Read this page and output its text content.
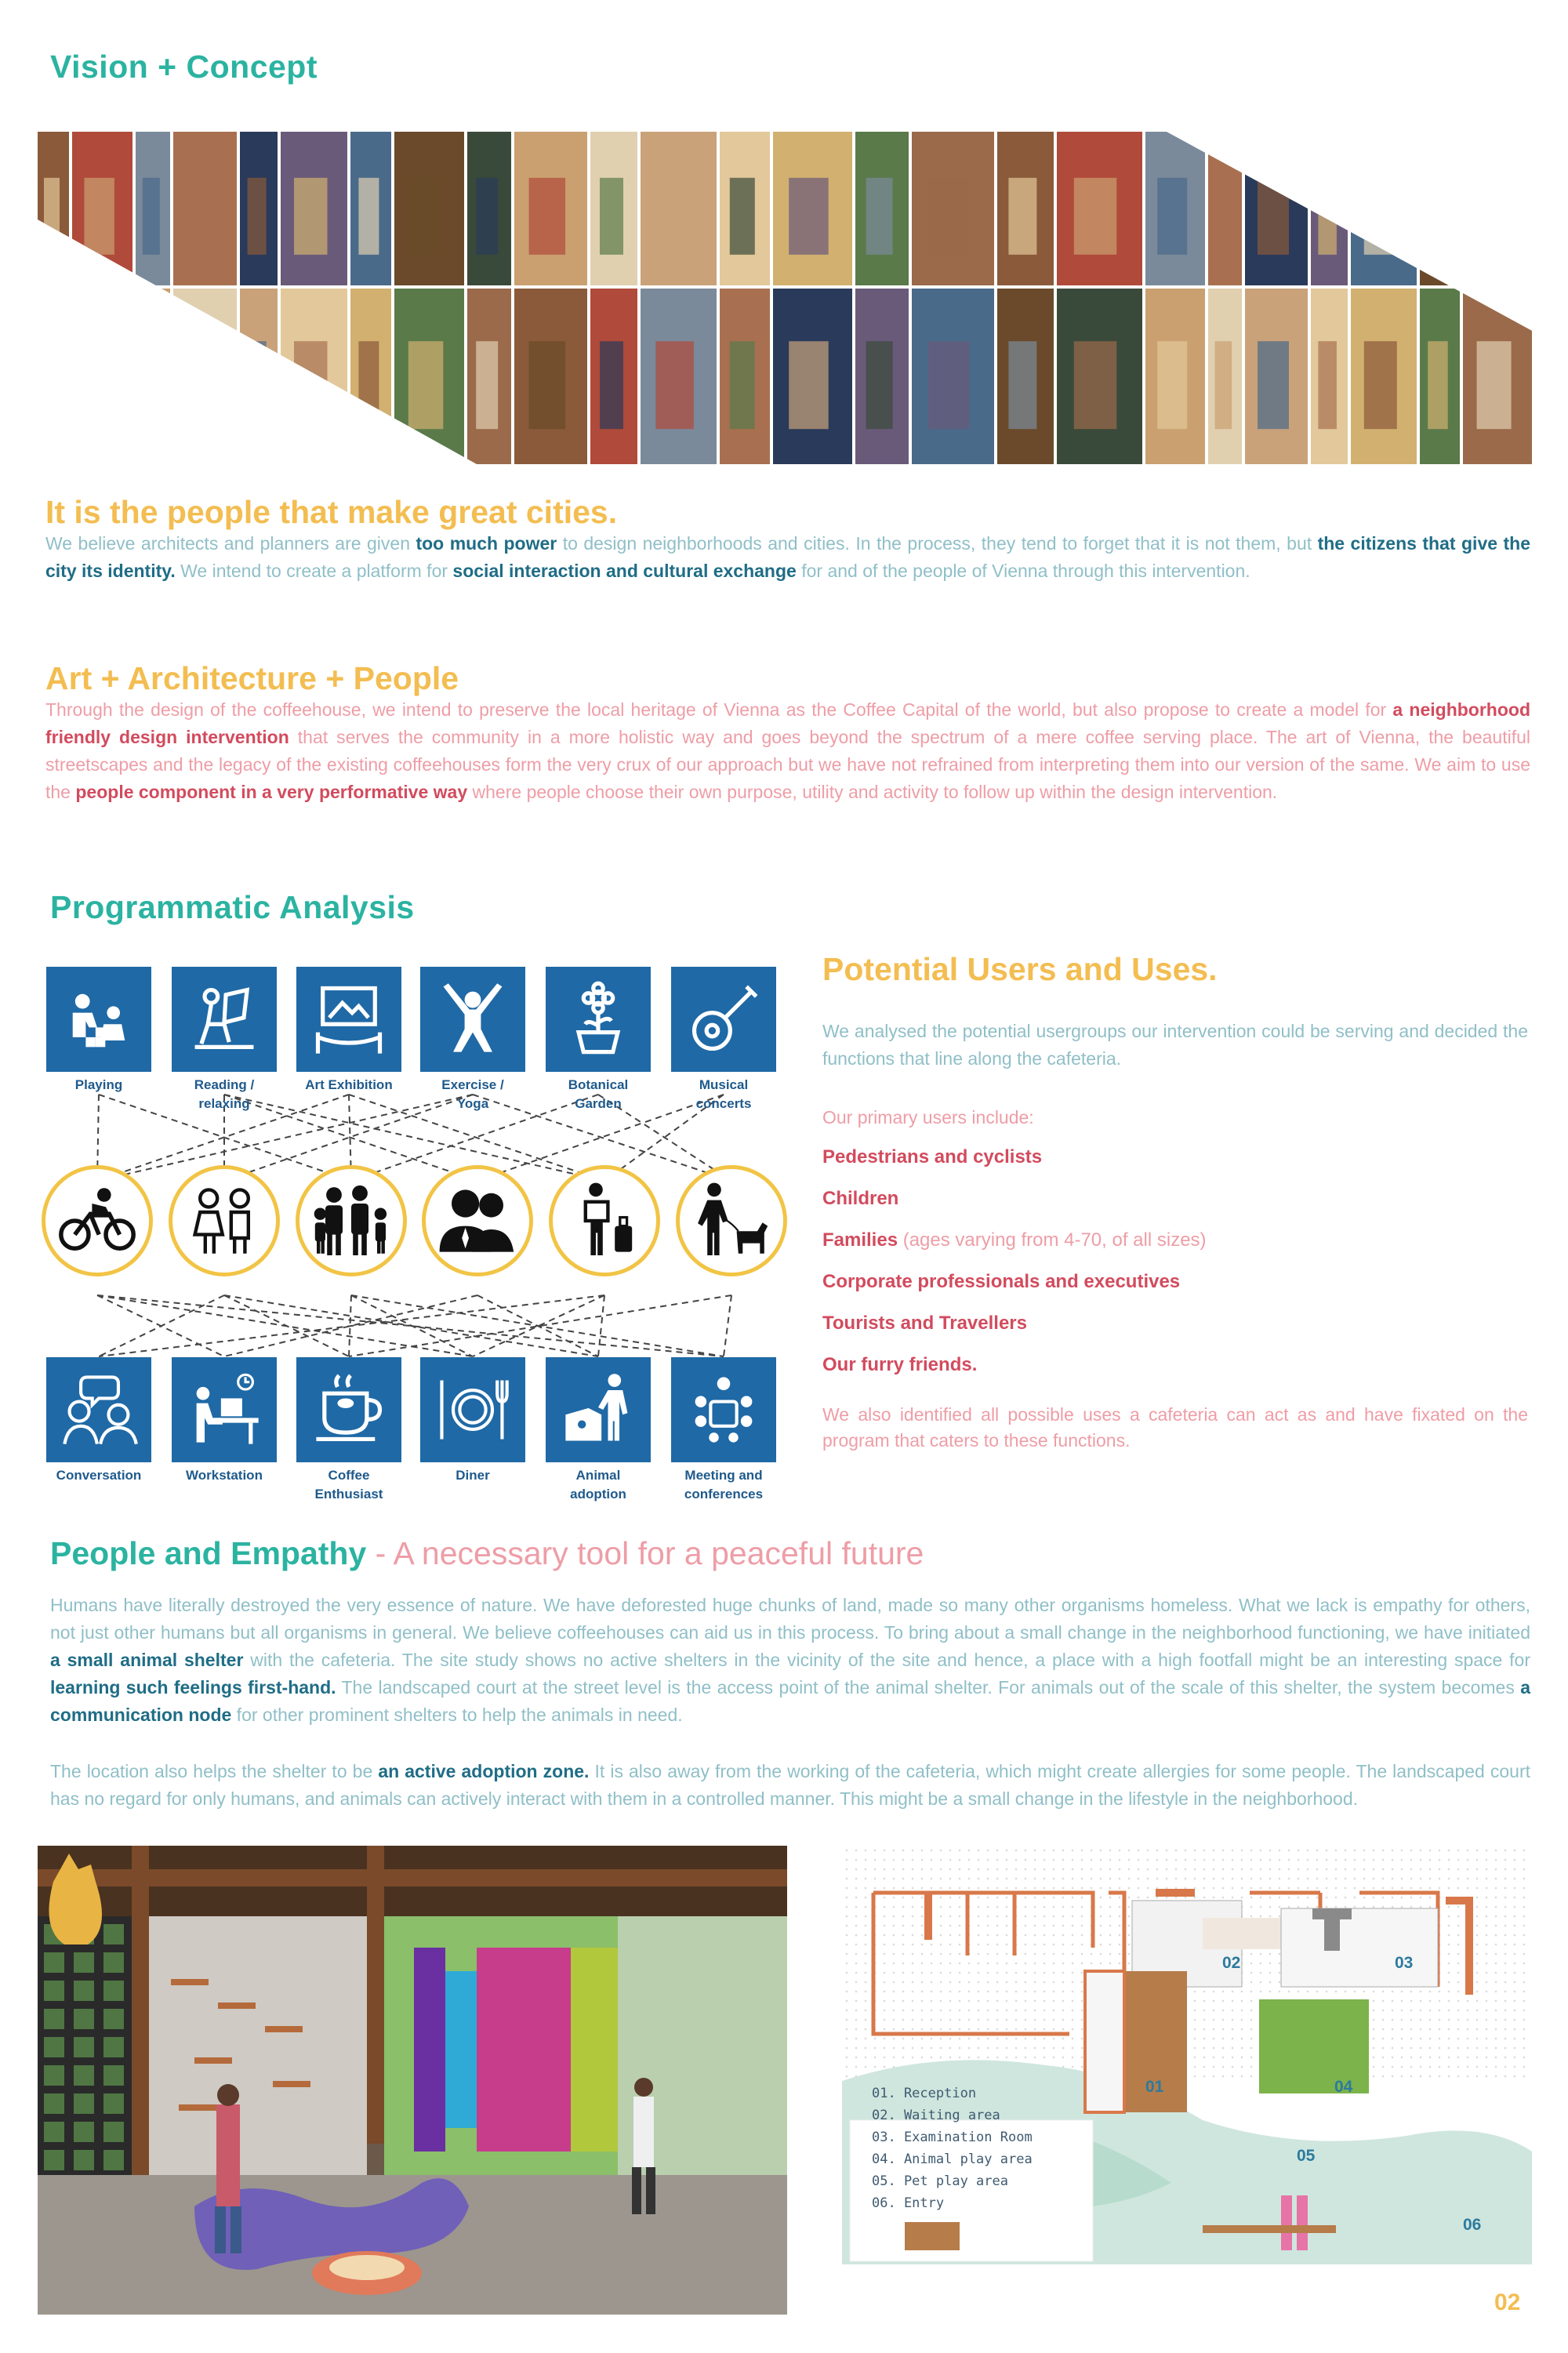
Vision + Concept
It is the people that make great cities.
We believe architects and planners are given too much power to design neighborhoods and cities. In the process, they tend to forget that it is not them, but the citizens that give the city its identity. We intend to create a platform for social interaction and cultural exchange for and of the people of Vienna through this intervention.
Art + Architecture + People
Through the design of the coffeehouse, we intend to preserve the local heritage of Vienna as the Coffee Capital of the world, but also propose to create a model for a neighborhood friendly design intervention that serves the community in a more holistic way and goes beyond the spectrum of a mere coffee serving place. The art of Vienna, the beautiful streetscapes and the legacy of the existing coffeehouses form the very crux of our approach but we have not refrained from interpreting them into our version of the same. We aim to use the people component in a very performative way where people choose their own purpose, utility and activity to follow up within the design intervention.
Programmatic Analysis
Playing	Reading /
relaxing
Art Exhibition	Exercise /
Yoga
Botanical
Garden
Musical
concerts
Conversation	Workstation	Coffee
Enthusiast
Diner	Animal
adoption
Meeting and
conferences
Potential Users and Uses.
We analysed the potential usergroups our intervention could be serving and decided the functions that line along the cafeteria.
Our primary users include:
Pedestrians and cyclists
Children
Families (ages varying from 4-70, of all sizes)
Corporate professionals and executives
Tourists and Travellers
Our furry friends.
We also identified all possible uses a cafeteria can act as and have fixated on the program that caters to these functions.
People and Empathy - A necessary tool for a peaceful future
Humans have literally destroyed the very essence of nature. We have deforested huge chunks of land, made so many other organisms homeless. What we lack is empathy for others, not just other humans but all organisms in general. We believe coffeehouses can aid us in this process. To bring about a small change in the neighborhood functioning, we have initiated a small animal shelter with the cafeteria. The site study shows no active shelters in the vicinity of the site and hence, a place with a high footfall might be an interesting space for learning such feelings first-hand. The landscaped court at the street level is the access point of the animal shelter. For animals out of the scale of this shelter, the system becomes a communication node for other prominent shelters to help the animals in need.
The location also helps the shelter to be an active adoption zone. It is also away from the working of the cafeteria, which might create allergies for some people. The landscaped court has no regard for only humans, and animals can actively interact with them in a controlled manner. This might be a small change in the lifestyle in the neighborhood.
01
02	03
04
05
06
01. Reception
02. Waiting area
03. Examination Room
04. Animal play area
05. Pet play area
06. Entry
02
